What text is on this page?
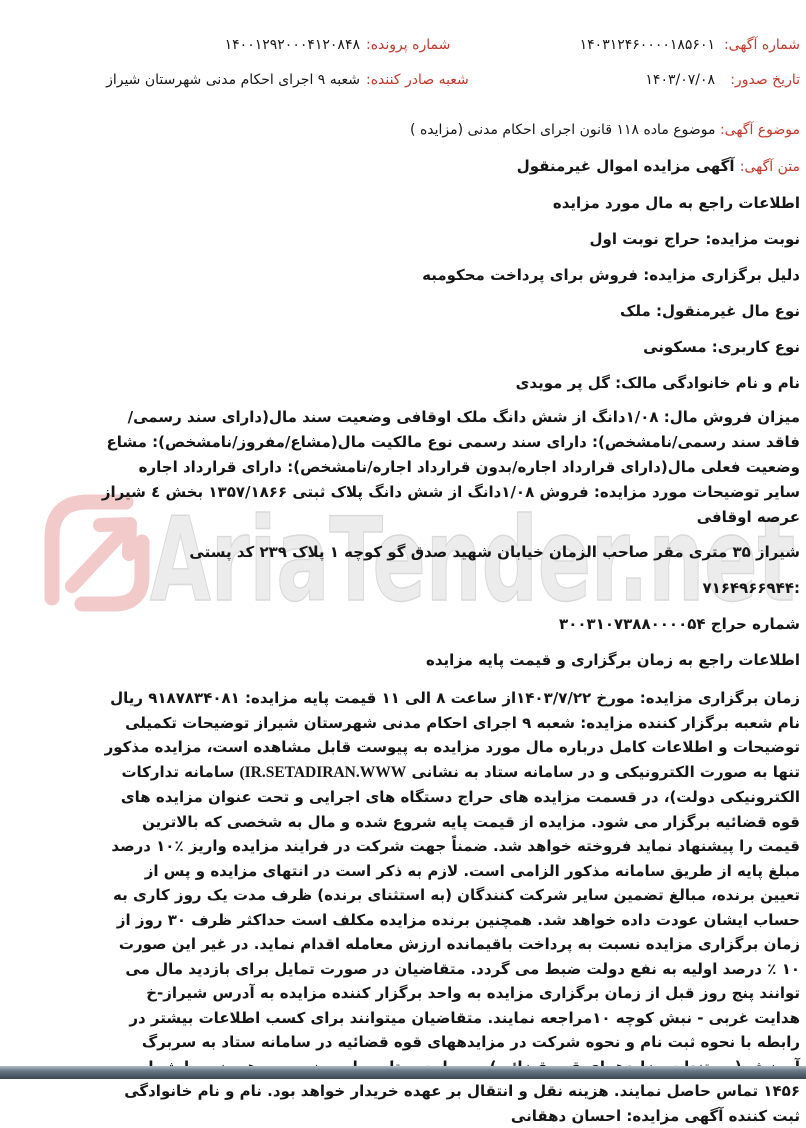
AriaTender.net
شماره آگهی:
۱۴۰۳۱۲۴۶۰۰۰۰۱۸۵۶۰۱
شماره پرونده:
۱۴۰۰۱۲۹۲۰۰۰۴۱۲۰۸۴۸
تاریخ صدور:
۱۴۰۳/۰۷/۰۸
شعبه صادر کننده:
شعبه ۹ اجرای احکام مدنی شهرستان شیراز
موضوع آگهی: موضوع ماده ۱۱۸ قانون اجرای احکام مدنی (مزایده )
متن آگهی: آگهی مزایده اموال غیرمنقول
اطلاعات راجع به مال مورد مزایده
نوبت مزایده: حراج نوبت اول
دلیل برگزاری مزایده: فروش برای پرداخت محکومبه
نوع مال غیرمنقول: ملک
نوع کاربری: مسکونی
نام و نام خانوادگی مالک: گل پر مویدی

میزان فروش مال: ۱/۰۸دانگ از شش دانگ ملک اوقافی وضعیت سند مال(دارای سند رسمی/فاقد سند رسمی/نامشخص): دارای سند رسمی نوع مالکیت مال(مشاع/مفروز/نامشخص): مشاع وضعیت فعلی مال(دارای قرارداد اجاره/بدون قرارداد اجاره/نامشخص): دارای قرارداد اجاره سایر توضیحات مورد مزایده: فروش ۱/۰۸دانگ از شش دانگ پلاک ثبتی ۱۳۵۷/۱۸۶۶ بخش ٤ شیراز عرصه اوقافی

شیراز ۳۵ متری مقر صاحب الزمان خیابان شهید صدق گو کوچه ۱ پلاک ۲۳۹ کد پستی :۷۱۶۴۹۶۶۹۴۴
شماره حراج ۳۰۰۳۱۰۷۳۸۸۰۰۰۰۵۴
اطلاعات راجع به زمان برگزاری و قیمت پایه مزایده

زمان برگزاری مزایده: مورخ ۱۴۰۳/۷/۲۲از ساعت ۸ الی ۱۱ قیمت پایه مزایده: ۹۱۸۷۸۳۴۰۸۱ ریال نام شعبه برگزار کننده مزایده: شعبه ۹ اجرای احکام مدنی شهرستان شیراز توضیحات تکمیلی توضیحات و اطلاعات کامل درباره مال مورد مزایده به پیوست قابل مشاهده است، مزایده مذکور تنها به صورت الکترونیکی و در سامانه ستاد به نشانی (IR.SETADIRAN.WWW سامانه تدارکات الکترونیکی دولت)، در قسمت مزایده های حراج دستگاه های اجرایی و تحت عنوان مزایده های قوه قضائیه برگزار می شود. مزایده از قیمت پایه شروع شده و مال به شخصی که بالاترین قیمت را پیشنهاد نماید فروخته خواهد شد. ضمناً جهت شرکت در فرایند مزایده واریز ٪۱۰ درصد مبلغ پایه از طریق سامانه مذکور الزامی است. لازم به ذکر است در انتهای مزایده و پس از تعیین برنده، مبالغ تضمین سایر شرکت کنندگان (به استثنای برنده) ظرف مدت یک روز کاری به حساب ایشان عودت داده خواهد شد. همچنین برنده مزایده مکلف است حداکثر ظرف ۳۰ روز از زمان برگزاری مزایده نسبت به پرداخت باقیمانده ارزش معامله اقدام نماید. در غیر این صورت ۱۰ ٪ درصد اولیه به نفع دولت ضبط می گردد. متقاضیان در صورت تمایل برای بازدید مال می توانند پنج روز قبل از زمان برگزاری مزایده به واحد برگزار کننده مزایده به آدرس شیراز-خ هدایت غربی - نبش کوچه ۱۰مراجعه نمایند. متقاضیان میتوانند برای کسب اطلاعات بیشتر در رابطه با نحوه ثبت نام و نحوه شرکت در مزایدههای قوه قضائیه در سامانه ستاد به سربرگ ۱۴۵۶ تماس حاصل نمایند. هزینه نقل و انتقال بر عهده خریدار خواهد بود. نام و نام خانوادگی ثبت کننده آگهی مزایده: احسان دهقانی
